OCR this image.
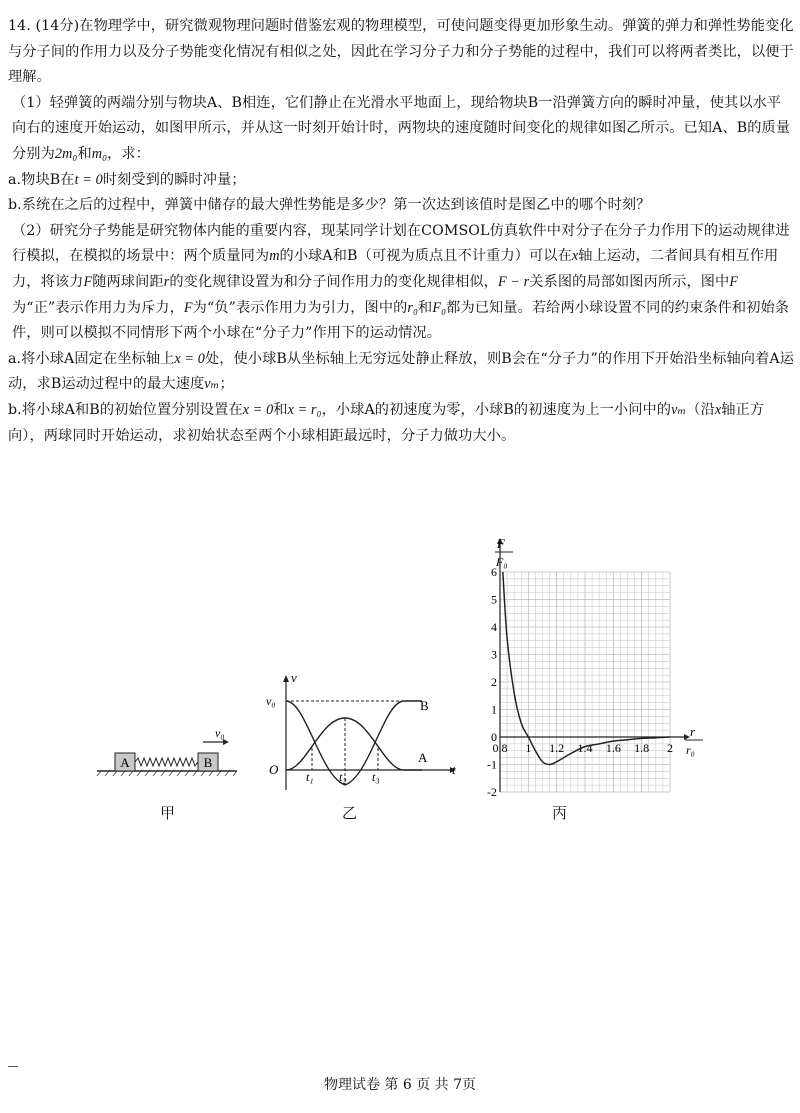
14. (14分)在物理学中，研究微观物理问题时借鉴宏观的物理模型，可使问题变得更加形象生动。弹簧的弹力和弹性势能变化与分子间的作用力以及分子势能变化情况有相似之处，因此在学习分子力和分子势能的过程中，我们可以将两者类比，以便于理解。

（1）轻弹簧的两端分别与物块A、B相连，它们静止在光滑水平地面上，现给物块B一沿弹簧方向的瞬时冲量，使其以水平向右的速度开始运动，如图甲所示，并从这一时刻开始计时，两物块的速度随时间变化的规律如图乙所示。已知A、B的质量分别为2m₀和m₀，求：

a.物块B在t = 0时刻受到的瞬时冲量；

b.系统在之后的过程中，弹簧中储存的最大弹性势能是多少？第一次达到该值时是图乙中的哪个时刻？

（2）研究分子势能是研究物体内能的重要内容，现某同学计划在COMSOL仿真软件中对分子在分子力作用下的运动规律进行模拟，在模拟的场景中：两个质量同为m的小球A和B（可视为质点且不计重力）可以在x轴上运动，二者间具有相互作用力，将该力F随两球间距r的变化规律设置为和分子间作用力的变化规律相似，F − r关系图的局部如图丙所示，图中F为“正”表示作用力为斥力，F为“负”表示作用力为引力，图中的r₀和F₀都为已知量。若给两小球设置不同的约束条件和初始条件，则可以模拟不同情形下两个小球在“分子力”作用下的运动情况。

a.将小球A固定在坐标轴上x = 0处，使小球B从坐标轴上无穷远处静止释放，则B会在“分子力”的作用下开始沿坐标轴向着A运动，求B运动过程中的最大速度vₘ；

b.将小球A和B的初始位置分别设置在x = 0和x = r₀，小球A的初速度为零，小球B的初速度为上一小问中的vₘ（沿x轴正方向），两球同时开始运动，求初始状态至两个小球相距最远时，分子力做功大小。

A	B
v₀
甲
v
t
O
v₀	B
A
t₁ t₂ t₃
乙
6
5
4
3
2
1
0
-1
-2
0.8 1 1.2 1.4 1.6 1.8 2
F
F₀
r
r₀
丙
物理试卷 第 6 页 共 7页
